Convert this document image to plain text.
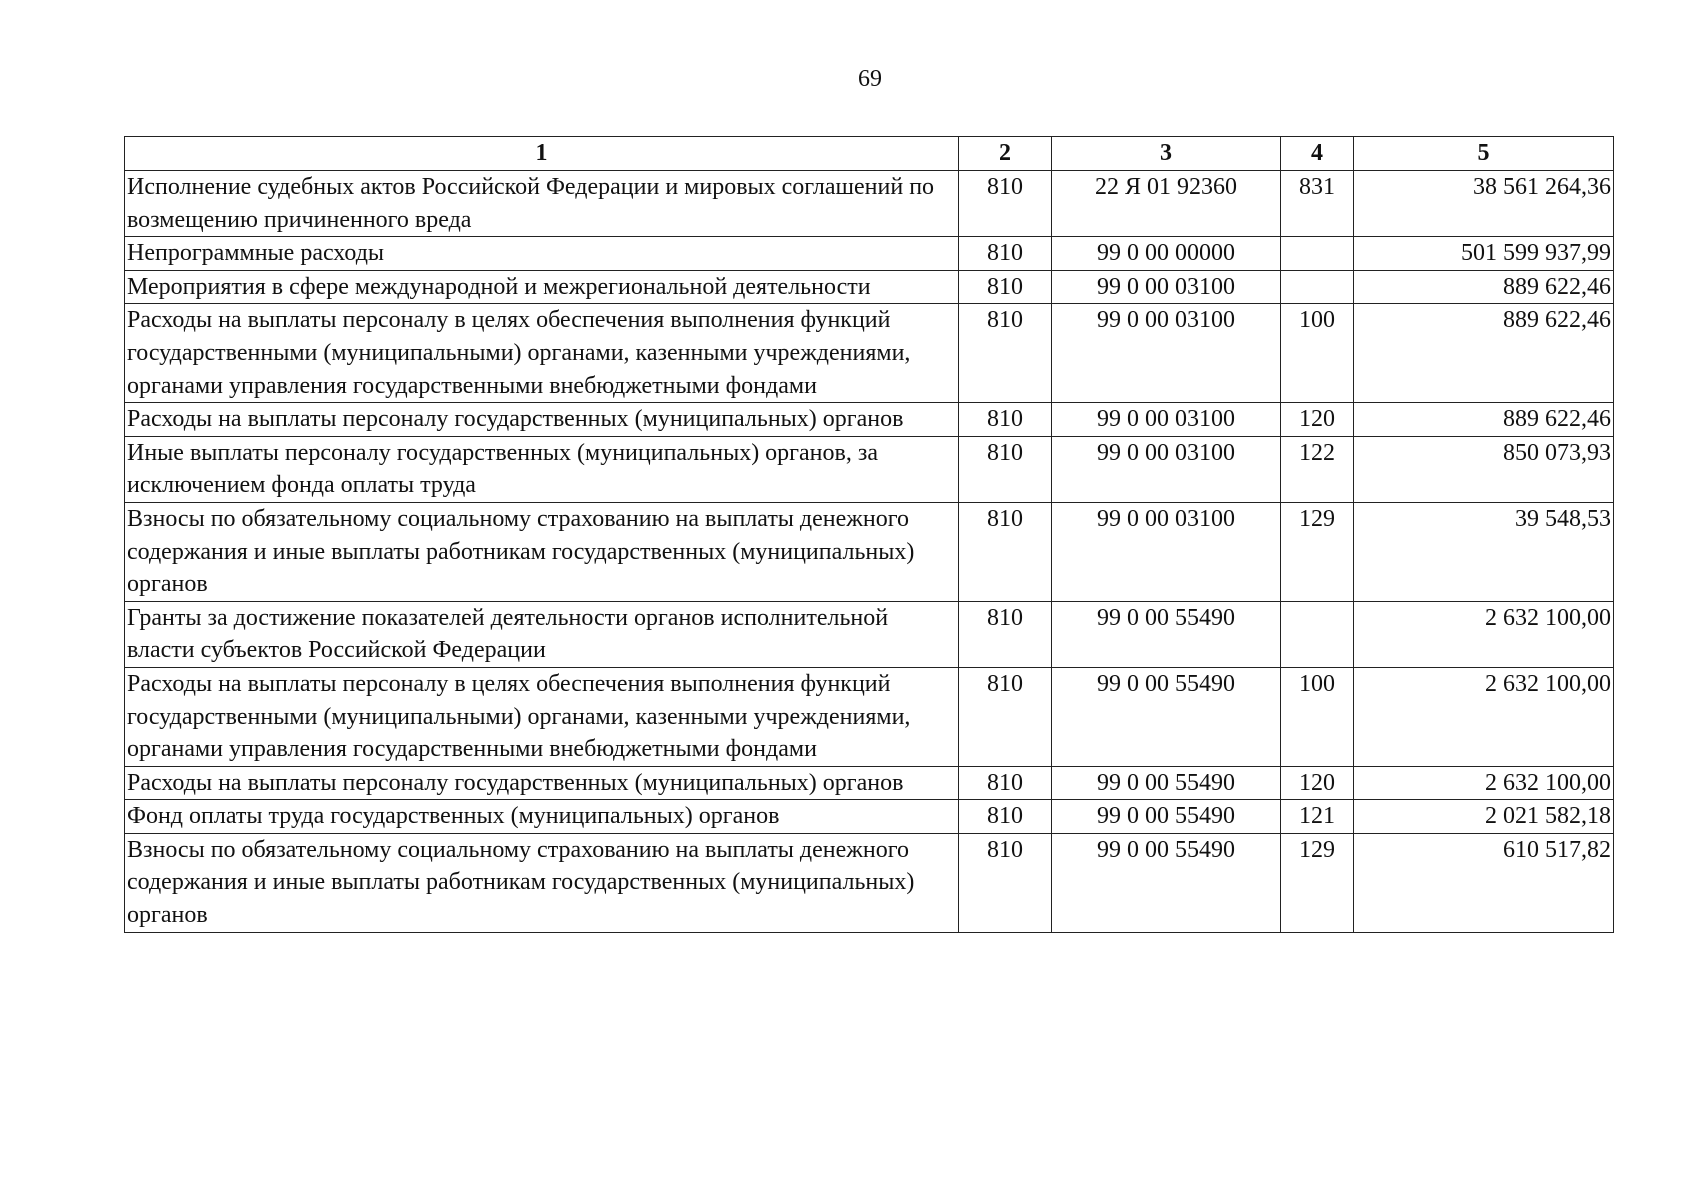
69
1	2	3	4	5
Исполнение судебных актов Российской Федерации и мировых соглашений по возмещению причиненного вреда	810	22 Я 01 92360	831	38 561 264,36
Непрограммные расходы	810	99 0 00 00000		501 599 937,99
Мероприятия в сфере международной и межрегиональной деятельности	810	99 0 00 03100		889 622,46
Расходы на выплаты персоналу в целях обеспечения выполнения функций государственными (муниципальными) органами, казенными учреждениями, органами управления государственными внебюджетными фондами	810	99 0 00 03100	100	889 622,46
Расходы на выплаты персоналу государственных (муниципальных) органов	810	99 0 00 03100	120	889 622,46
Иные выплаты персоналу государственных (муниципальных) органов, за исключением фонда оплаты труда	810	99 0 00 03100	122	850 073,93
Взносы по обязательному социальному страхованию на выплаты денежного содержания и иные выплаты работникам государственных (муниципальных) органов	810	99 0 00 03100	129	39 548,53
Гранты за достижение показателей деятельности органов исполнительной власти субъектов Российской Федерации	810	99 0 00 55490		2 632 100,00
Расходы на выплаты персоналу в целях обеспечения выполнения функций государственными (муниципальными) органами, казенными учреждениями, органами управления государственными внебюджетными фондами	810	99 0 00 55490	100	2 632 100,00
Расходы на выплаты персоналу государственных (муниципальных) органов	810	99 0 00 55490	120	2 632 100,00
Фонд оплаты труда государственных (муниципальных) органов	810	99 0 00 55490	121	2 021 582,18
Взносы по обязательному социальному страхованию на выплаты денежного содержания и иные выплаты работникам государственных (муниципальных) органов	810	99 0 00 55490	129	610 517,82
